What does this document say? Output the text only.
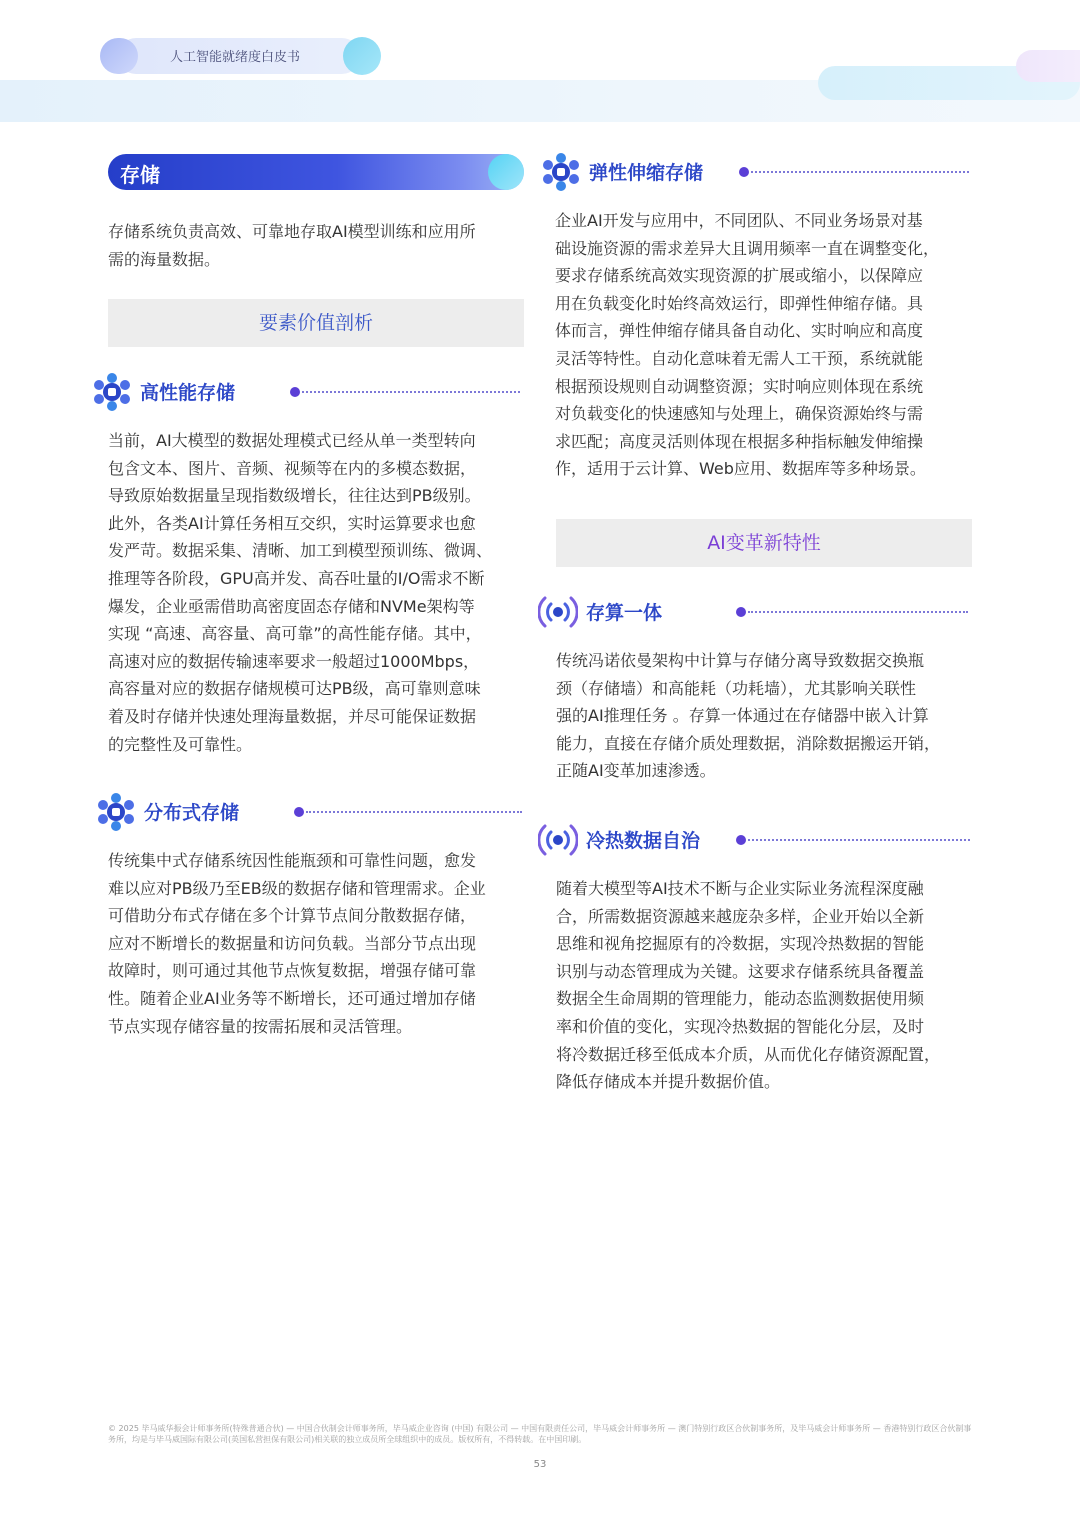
人工智能就绪度白皮书
存储

存储系统负责高效、可靠地存取AI模型训练和应用所
需的海量数据。

要素价值剖析
高性能存储

当前，AI大模型的数据处理模式已经从单一类型转向
包含文本、图片、音频、视频等在内的多模态数据，
导致原始数据量呈现指数级增长，往往达到PB级别。
此外，各类AI计算任务相互交织，实时运算要求也愈
发严苛。数据采集、清晰、加工到模型预训练、微调、
推理等各阶段，GPU高并发、高吞吐量的I/O需求不断
爆发，企业亟需借助高密度固态存储和NVMe架构等
实现 “高速、高容量、高可靠”的高性能存储。其中，
高速对应的数据传输速率要求一般超过1000Mbps，
高容量对应的数据存储规模可达PB级，高可靠则意味
着及时存储并快速处理海量数据，并尽可能保证数据
的完整性及可靠性。

分布式存储

传统集中式存储系统因性能瓶颈和可靠性问题，愈发
难以应对PB级乃至EB级的数据存储和管理需求。企业
可借助分布式存储在多个计算节点间分散数据存储，
应对不断增长的数据量和访问负载。当部分节点出现
故障时，则可通过其他节点恢复数据，增强存储可靠
性。随着企业AI业务等不断增长，还可通过增加存储
节点实现存储容量的按需拓展和灵活管理。

弹性伸缩存储

企业AI开发与应用中，不同团队、不同业务场景对基
础设施资源的需求差异大且调用频率一直在调整变化，
要求存储系统高效实现资源的扩展或缩小，以保障应
用在负载变化时始终高效运行，即弹性伸缩存储。具
体而言，弹性伸缩存储具备自动化、实时响应和高度
灵活等特性。自动化意味着无需人工干预，系统就能
根据预设规则自动调整资源；实时响应则体现在系统
对负载变化的快速感知与处理上，确保资源始终与需
求匹配；高度灵活则体现在根据多种指标触发伸缩操
作，适用于云计算、Web应用、数据库等多种场景。

AI变革新特性
存算一体

传统冯诺依曼架构中计算与存储分离导致数据交换瓶
颈（存储墙）和高能耗（功耗墙），尤其影响关联性
强的AI推理任务 。存算一体通过在存储器中嵌入计算
能力，直接在存储介质处理数据，消除数据搬运开销，
正随AI变革加速渗透。

冷热数据自治

随着大模型等AI技术不断与企业实际业务流程深度融
合，所需数据资源越来越庞杂多样，企业开始以全新
思维和视角挖掘原有的冷数据，实现冷热数据的智能
识别与动态管理成为关键。这要求存储系统具备覆盖
数据全生命周期的管理能力，能动态监测数据使用频
率和价值的变化，实现冷热数据的智能化分层，及时
将冷数据迁移至低成本介质，从而优化存储资源配置，
降低存储成本并提升数据价值。

© 2025 毕马威华振会计师事务所(特殊普通合伙) — 中国合伙制会计师事务所，毕马威企业咨询 (中国) 有限公司 — 中国有限责任公司，毕马威会计师事务所 — 澳门特别行政区合伙制事务所，及毕马威会计师事务所 — 香港特别行政区合伙制事务所，均是与毕马威国际有限公司(英国私营担保有限公司)相关联的独立成员所全球组织中的成员。版权所有，不得转载。在中国印刷。
53
